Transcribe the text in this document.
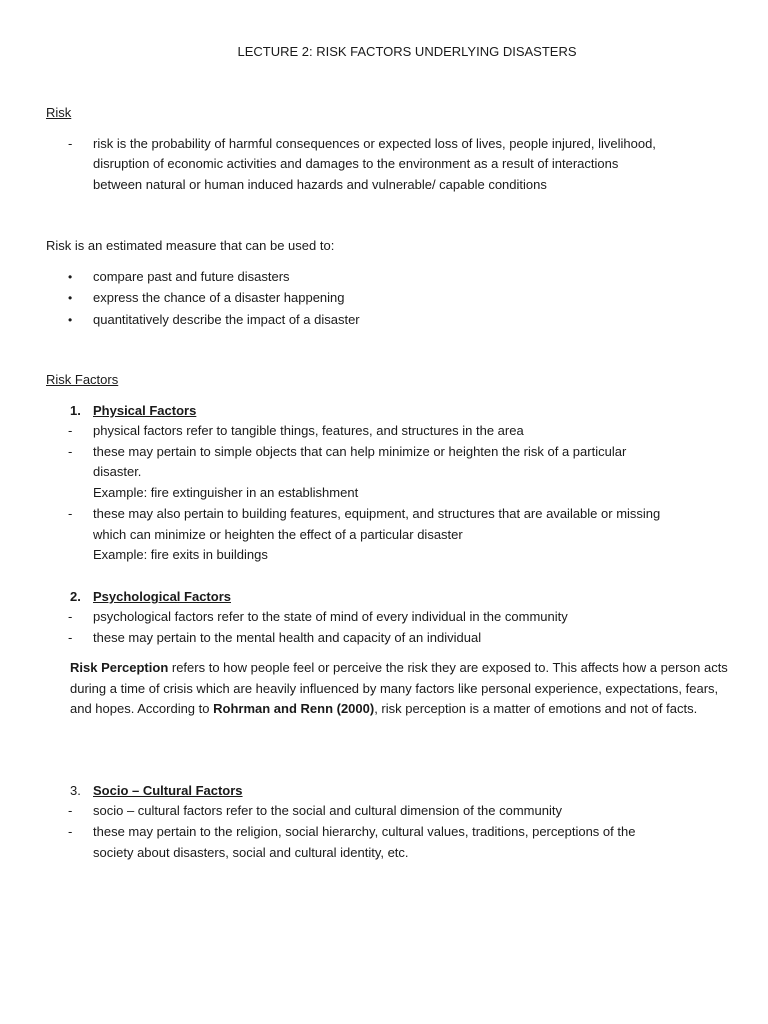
LECTURE 2: RISK FACTORS UNDERLYING DISASTERS
Risk
- risk is the probability of harmful consequences or expected loss of lives, people injured, livelihood,
disruption of economic activities and damages to the environment as a result of interactions
between natural or human induced hazards and vulnerable/ capable conditions
Risk is an estimated measure that can be used to:
• compare past and future disasters
• express the chance of a disaster happening
• quantitatively describe the impact of a disaster
Risk Factors
1. Physical Factors
- physical factors refer to tangible things, features, and structures in the area
- these may pertain to simple objects that can help minimize or heighten the risk of a particular
disaster.
Example: fire extinguisher in an establishment
- these may also pertain to building features, equipment, and structures that are available or missing
which can minimize or heighten the effect of a particular disaster
Example: fire exits in buildings
2. Psychological Factors
- psychological factors refer to the state of mind of every individual in the community
- these may pertain to the mental health and capacity of an individual
Risk Perception refers to how people feel or perceive the risk they are exposed to. This affects how a person acts during a time of crisis which are heavily influenced by many factors like personal experience, expectations, fears, and hopes. According to Rohrman and Renn (2000), risk perception is a matter of emotions and not of facts.
3. Socio – Cultural Factors
- socio – cultural factors refer to the social and cultural dimension of the community
- these may pertain to the religion, social hierarchy, cultural values, traditions, perceptions of the
society about disasters, social and cultural identity, etc.
